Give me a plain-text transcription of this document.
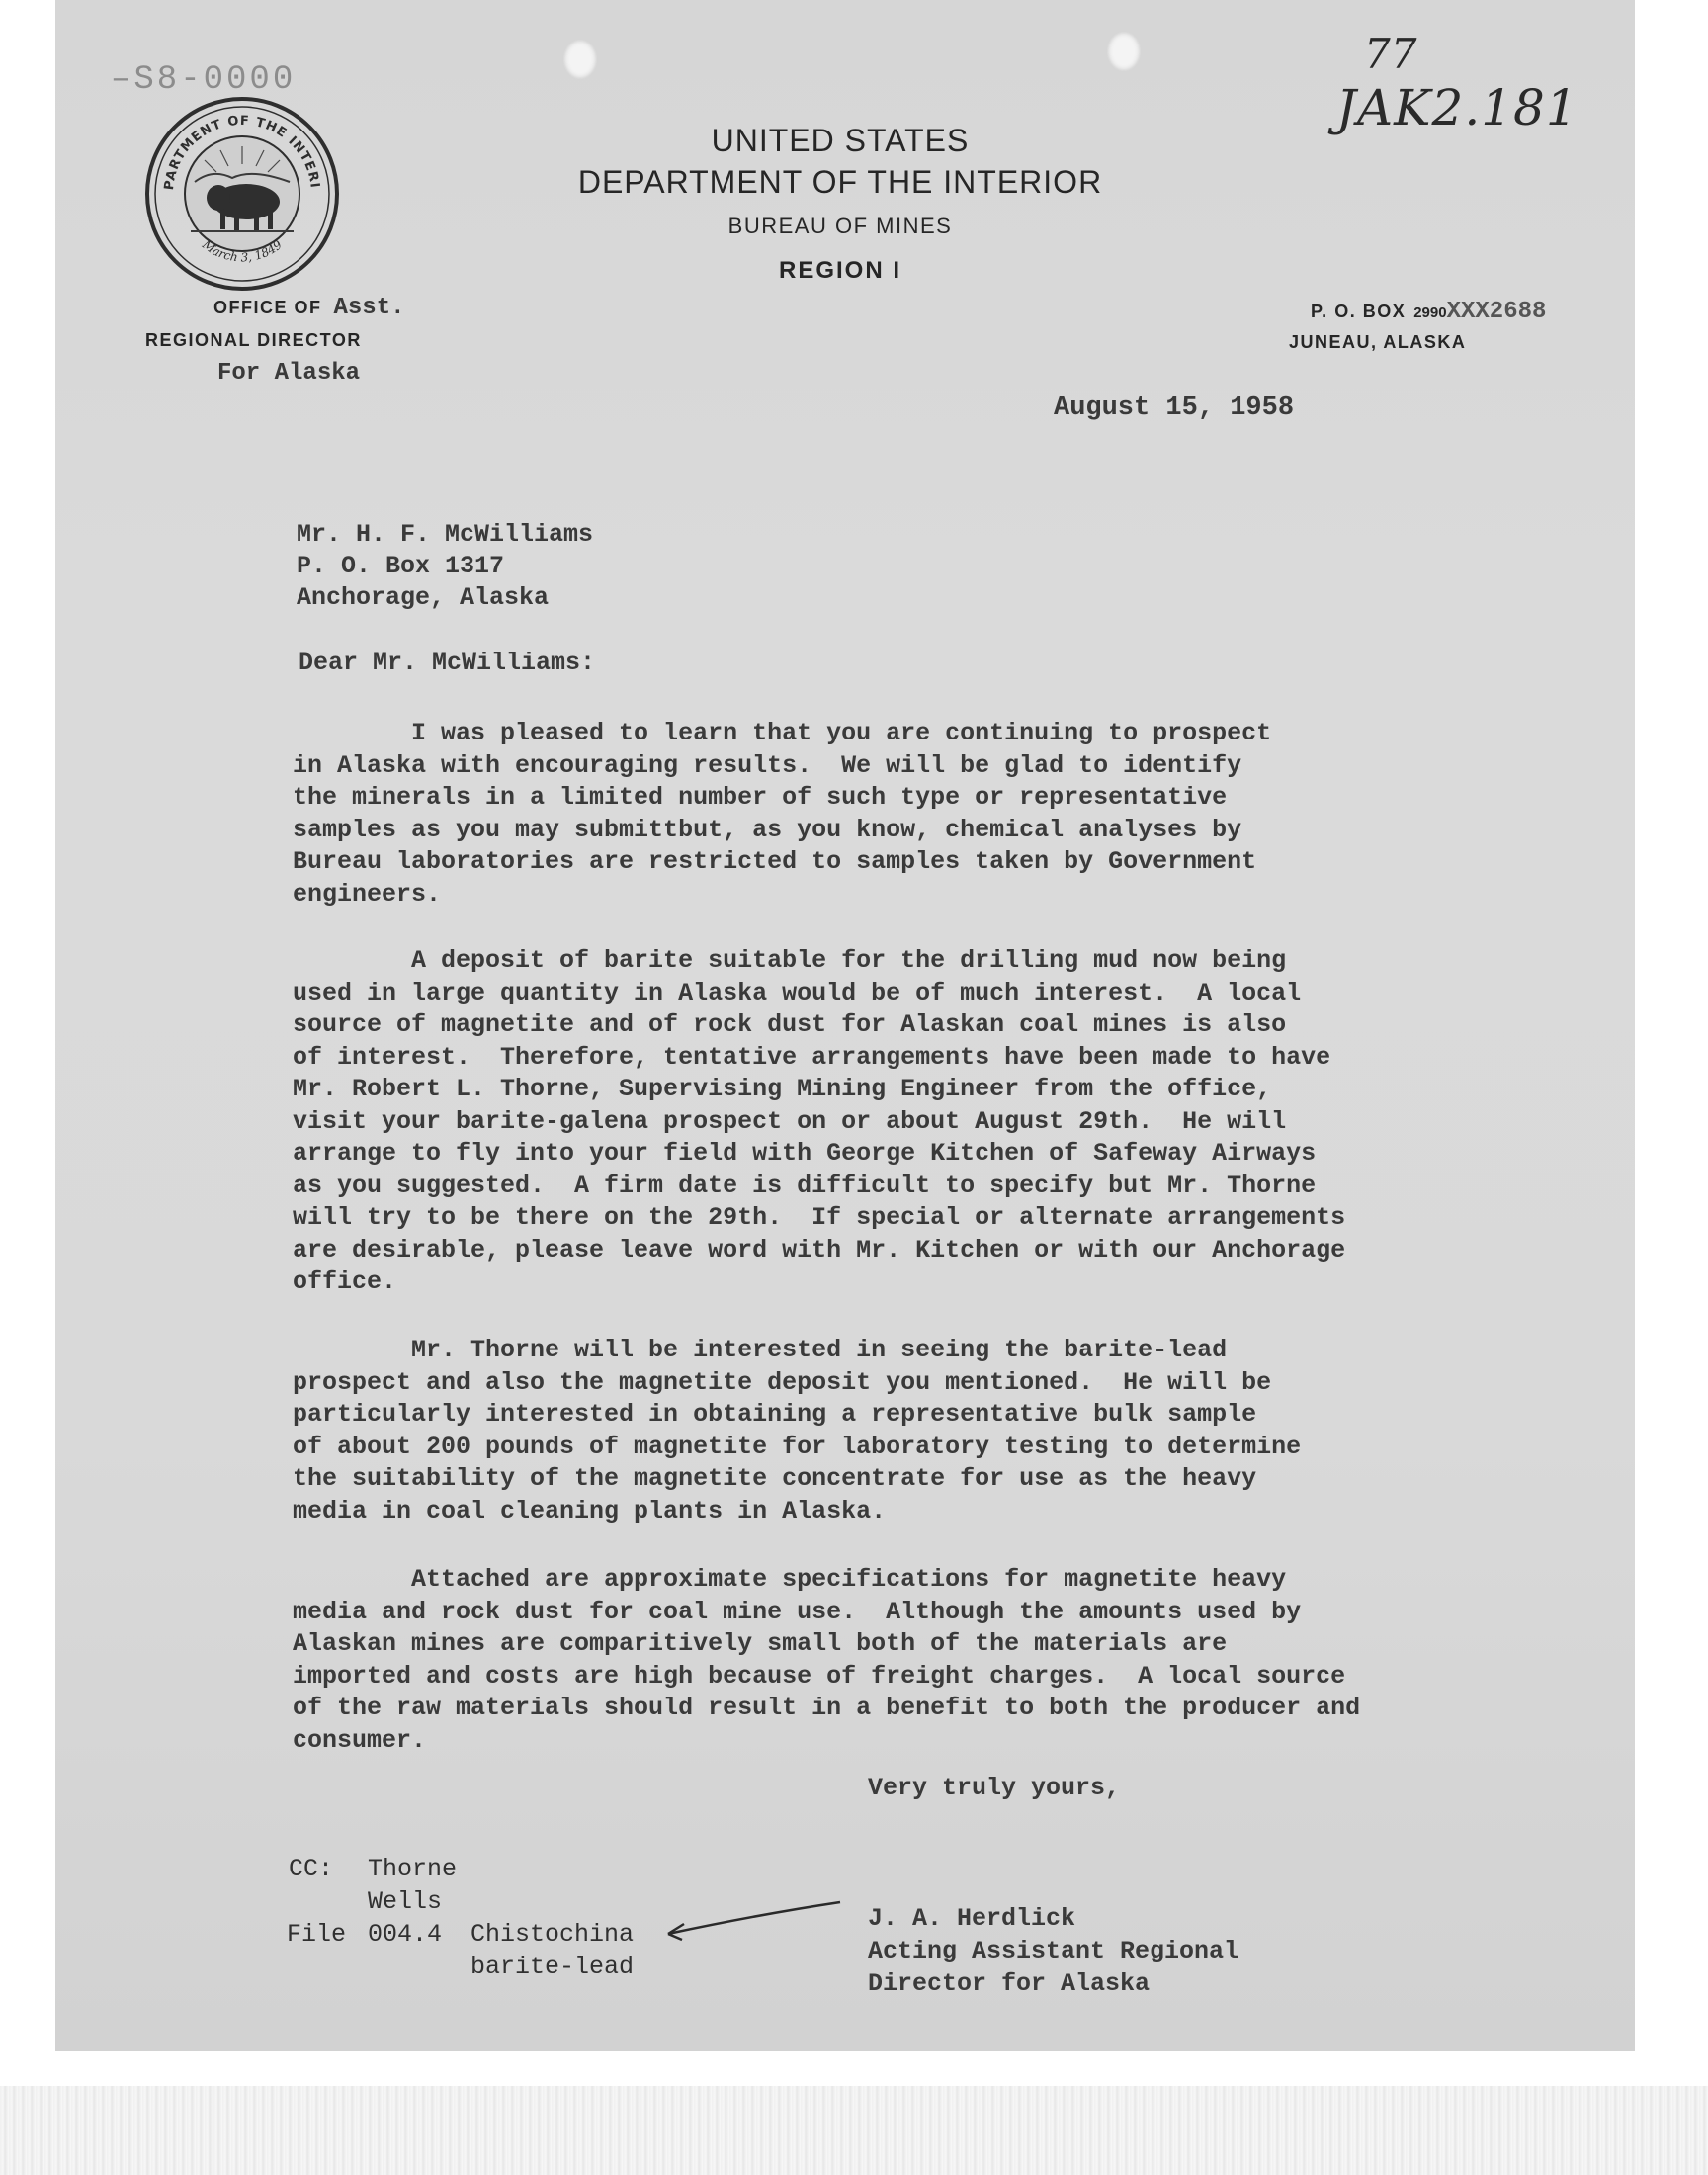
–S8-0000
77
JAK2.181
PARTMENT OF THE INTERI
March 3, 1849
UNITED STATES
DEPARTMENT OF THE INTERIOR
BUREAU OF MINES
REGION I
OFFICE OF Asst.
REGIONAL DIRECTOR
For Alaska
P. O. BOX 2990XXX2688
JUNEAU, ALASKA
August 15, 1958
Mr. H. F. McWilliams
P. O. Box 1317
Anchorage, Alaska
Dear Mr. McWilliams:
I was pleased to learn that you are continuing to prospect
in Alaska with encouraging results.  We will be glad to identify
the minerals in a limited number of such type or representative
samples as you may submittbut, as you know, chemical analyses by
Bureau laboratories are restricted to samples taken by Government
engineers.
A deposit of barite suitable for the drilling mud now being
used in large quantity in Alaska would be of much interest.  A local
source of magnetite and of rock dust for Alaskan coal mines is also
of interest.  Therefore, tentative arrangements have been made to have
Mr. Robert L. Thorne, Supervising Mining Engineer from the office,
visit your barite-galena prospect on or about August 29th.  He will
arrange to fly into your field with George Kitchen of Safeway Airways
as you suggested.  A firm date is difficult to specify but Mr. Thorne
will try to be there on the 29th.  If special or alternate arrangements
are desirable, please leave word with Mr. Kitchen or with our Anchorage
office.
Mr. Thorne will be interested in seeing the barite-lead
prospect and also the magnetite deposit you mentioned.  He will be
particularly interested in obtaining a representative bulk sample
of about 200 pounds of magnetite for laboratory testing to determine
the suitability of the magnetite concentrate for use as the heavy
media in coal cleaning plants in Alaska.
Attached are approximate specifications for magnetite heavy
media and rock dust for coal mine use.  Although the amounts used by
Alaskan mines are comparitively small both of the materials are
imported and costs are high because of freight charges.  A local source
of the raw materials should result in a benefit to both the producer and
consumer.
Very truly yours,
CC: Thorne
Wells
File 004.4 Chistochina
barite-lead
J. A. Herdlick
Acting Assistant Regional
Director for Alaska
